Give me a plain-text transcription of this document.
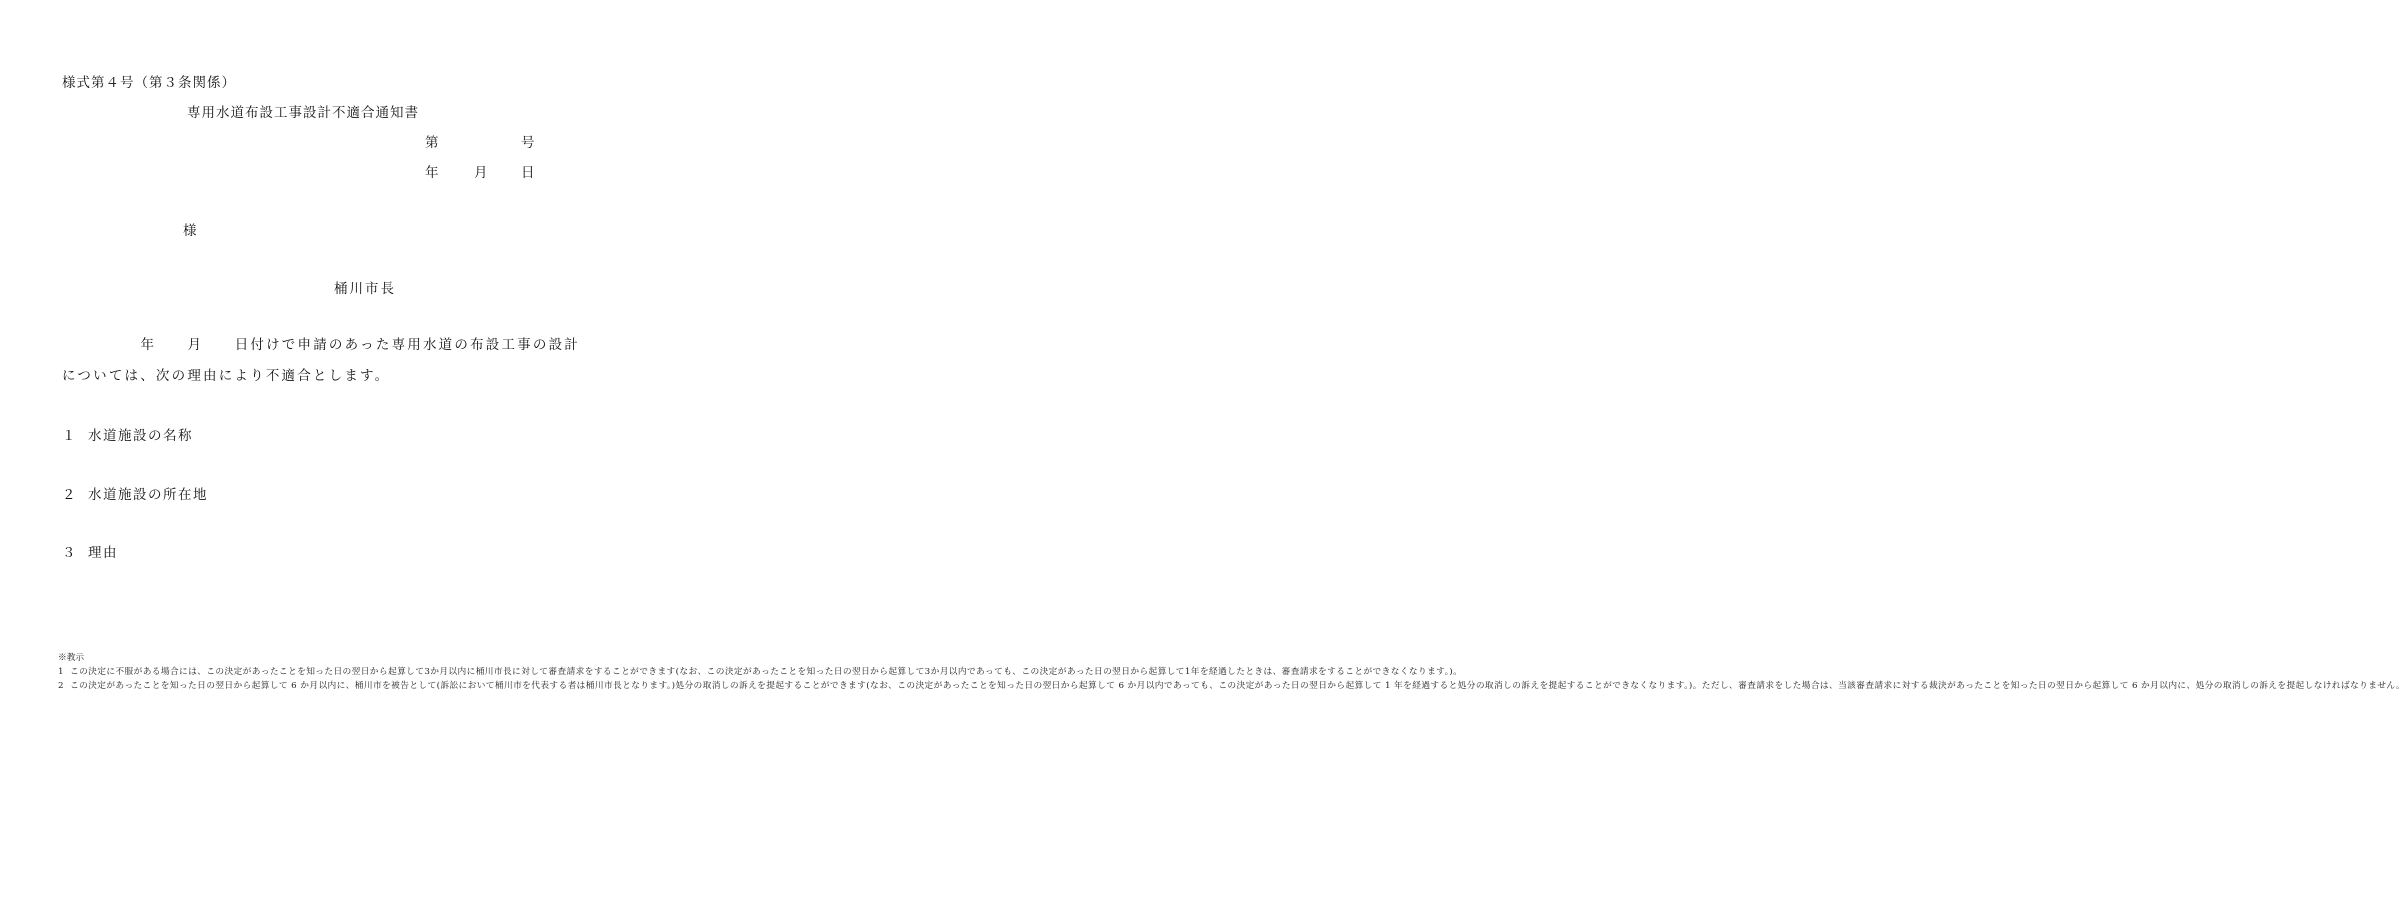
様式第４号（第３条関係）
専用水道布設工事設計不適合通知書
第	号
年	月 日
様
桶川市長
　　　　　年　　月　　日付けで申請のあった専用水道の布設工事の設計
については、次の理由により不適合とします。
１ 水道施設の名称
２ 水道施設の所在地
３ 理由
※教示
1 この決定に不服がある場合には、この決定があったことを知った日の翌日から起算して3か月以内に桶川市長に対して審査請求をすることができます(なお、この決定があったことを知った日の翌日から起算して3か月以内であっても、この決定があった日の翌日から起算して1年を経過したときは、審査請求をすることができなくなります。)。
2 この決定があったことを知った日の翌日から起算して 6 か月以内に、桶川市を被告として(訴訟において桶川市を代表する者は桶川市長となります。)処分の取消しの訴えを提起することができます(なお、この決定があったことを知った日の翌日から起算して 6 か月以内であっても、この決定があった日の翌日から起算して 1 年を経過すると処分の取消しの訴えを提起することができなくなります。)。ただし、審査請求をした場合は、当該審査請求に対する裁決があったことを知った日の翌日から起算して 6 か月以内に、処分の取消しの訴えを提起しなければなりません。
